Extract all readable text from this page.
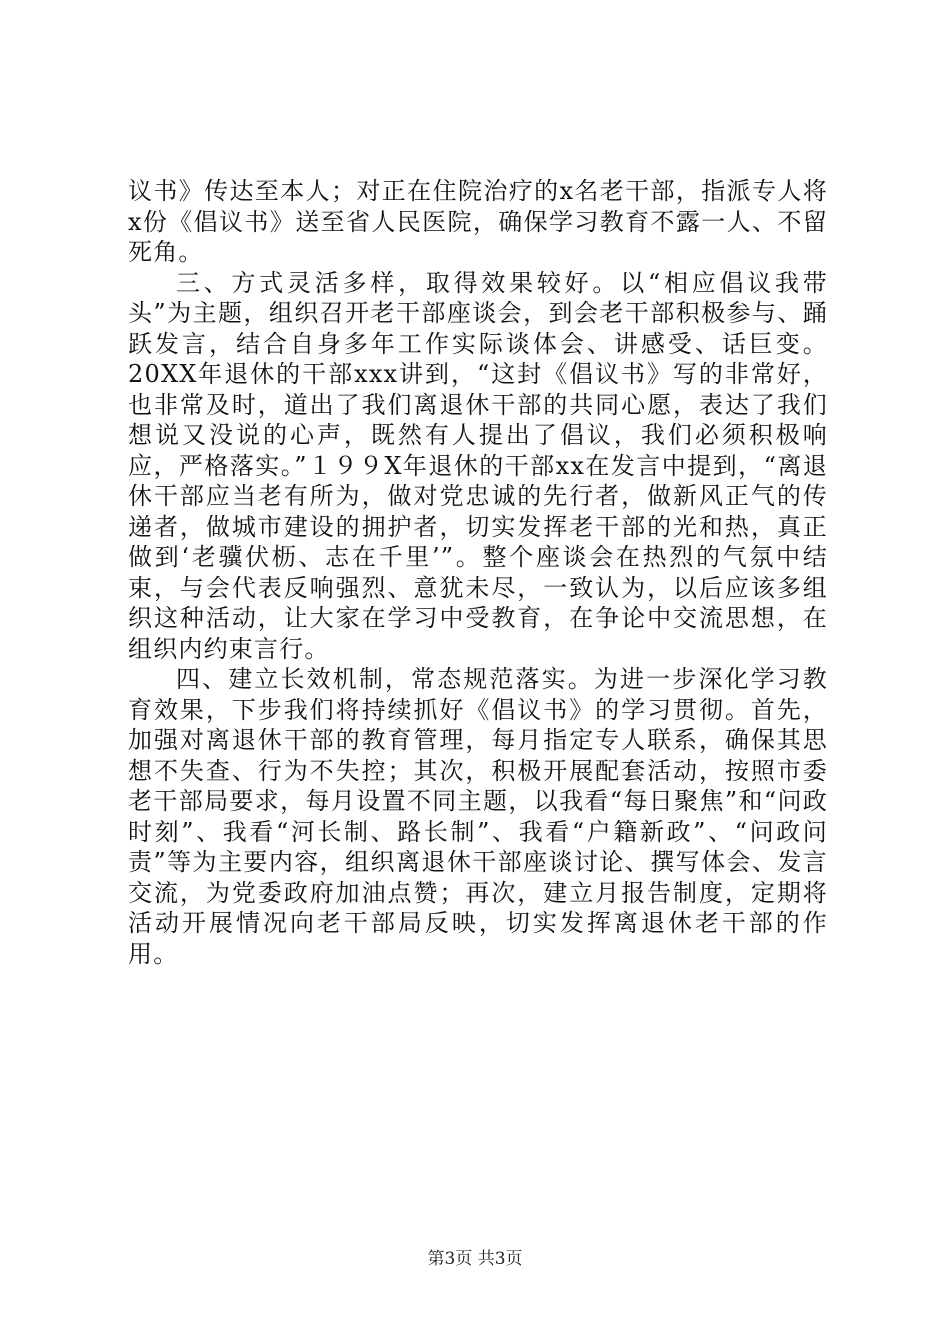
议书》传达至本人；对正在住院治疗的x名老干部，指派专人将x份《倡议书》送至省人民医院，确保学习教育不露一人、不留死角。

三、方式灵活多样，取得效果较好。以“相应倡议我带头”为主题，组织召开老干部座谈会，到会老干部积极参与、踊跃发言，结合自身多年工作实际谈体会、讲感受、话巨变。20XX年退休的干部xxx讲到，“这封《倡议书》写的非常好，也非常及时，道出了我们离退休干部的共同心愿，表达了我们想说又没说的心声，既然有人提出了倡议，我们必须积极响应，严格落实。”１９９X年退休的干部xx在发言中提到，“离退休干部应当老有所为，做对党忠诚的先行者，做新风正气的传递者，做城市建设的拥护者，切实发挥老干部的光和热，真正做到‘老骥伏枥、志在千里’”。整个座谈会在热烈的气氛中结束，与会代表反响强烈、意犹未尽，一致认为，以后应该多组织这种活动，让大家在学习中受教育，在争论中交流思想，在组织内约束言行。

四、建立长效机制，常态规范落实。为进一步深化学习教育效果，下步我们将持续抓好《倡议书》的学习贯彻。首先，加强对离退休干部的教育管理，每月指定专人联系，确保其思想不失查、行为不失控；其次，积极开展配套活动，按照市委老干部局要求，每月设置不同主题，以我看“每日聚焦”和“问政时刻”、我看“河长制、路长制”、我看“户籍新政”、“问政问责”等为主要内容，组织离退休干部座谈讨论、撰写体会、发言交流，为党委政府加油点赞；再次，建立月报告制度，定期将活动开展情况向老干部局反映，切实发挥离退休老干部的作用。

第3页 共3页
